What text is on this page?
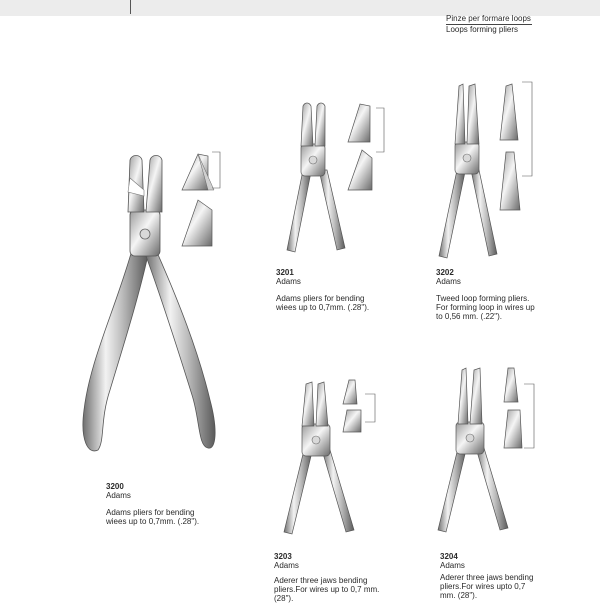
Pinze per formare loops
Loops forming pliers
3200
Adams
Adams pliers for bending wiees up to 0,7mm. (.28").
3201
Adams
Adams pliers for bending wiees up to 0,7mm. (.28").
3202
Adams
Tweed loop forming pliers. For forming loop in wires up to 0,56 mm. (.22").
3203
Adams
Aderer three jaws bending pliers.For wires up to 0,7 mm. (28").
3204
Adams
Aderer three jaws bending pliers.For wires upto 0,7 mm. (28").
